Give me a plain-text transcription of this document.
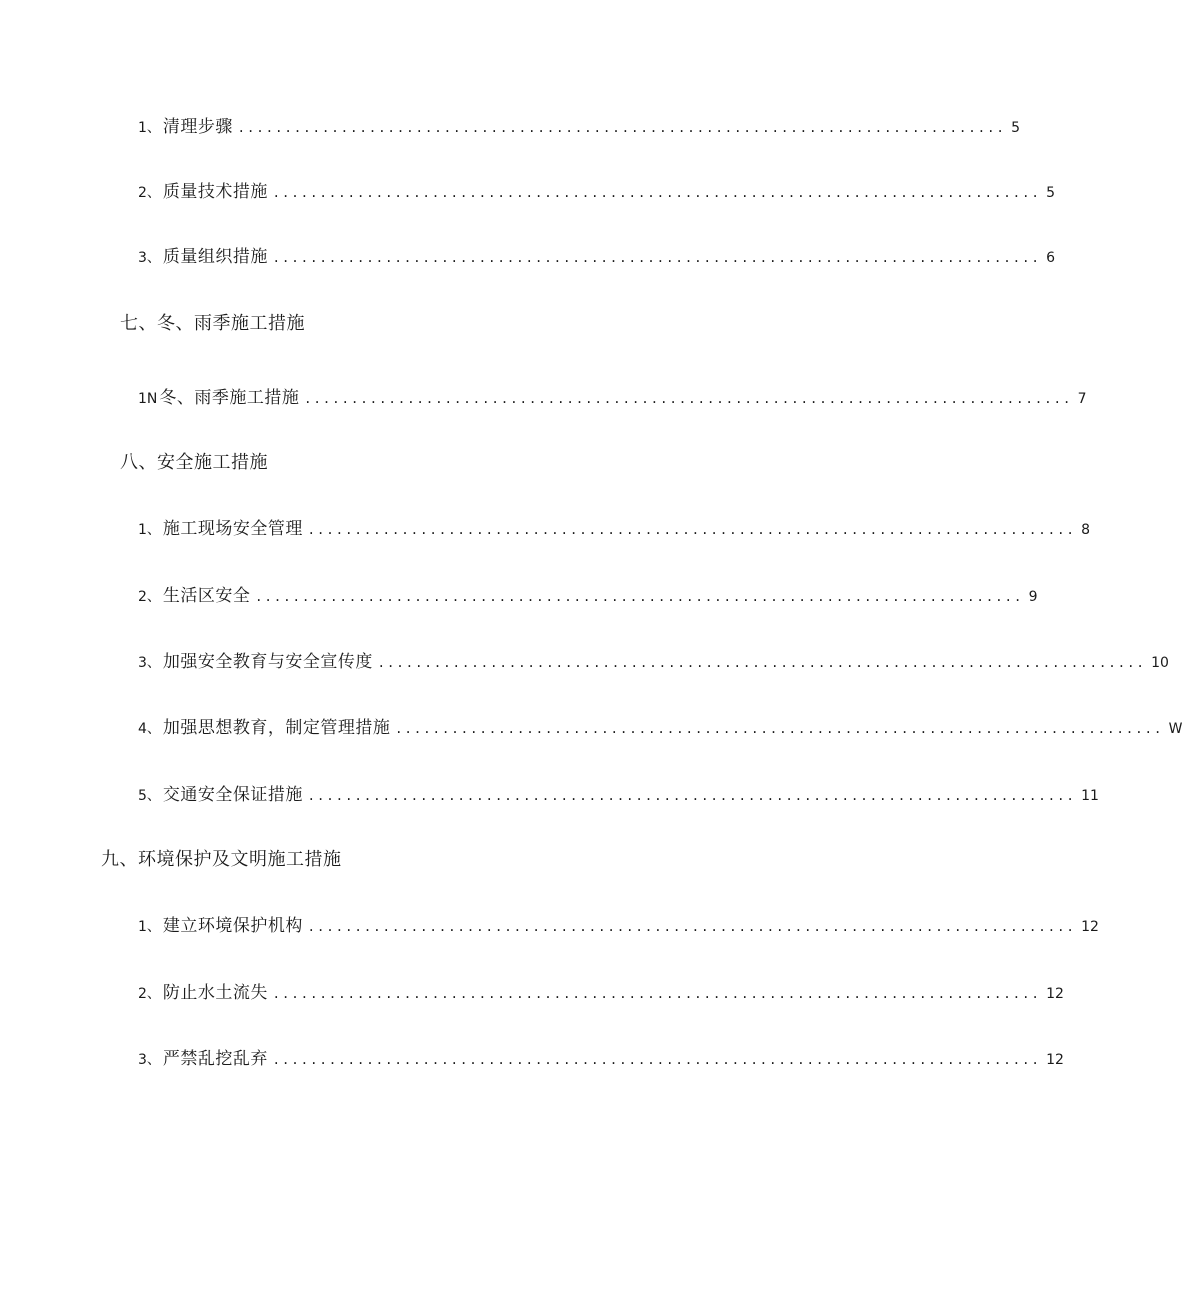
1、 清理步骤 .................................................................................. 5
2、 质量技术措施 .................................................................................. 5
3、 质量组织措施 .................................................................................. 6
七、冬、雨季施工措施
1N 冬、雨季施工措施 .................................................................................. 7
八、安全施工措施
1、 施工现场安全管理 .................................................................................. 8
2、 生活区安全 .................................................................................. 9
3、 加强安全教育与安全宣传度 .................................................................................. 10
4、 加强思想教育，制定管理措施 .................................................................................. W
5、 交通安全保证措施 .................................................................................. 11
九、环境保护及文明施工措施
1、 建立环境保护机构 .................................................................................. 12
2、 防止水土流失 .................................................................................. 12
3、 严禁乱挖乱弃 .................................................................................. 12
